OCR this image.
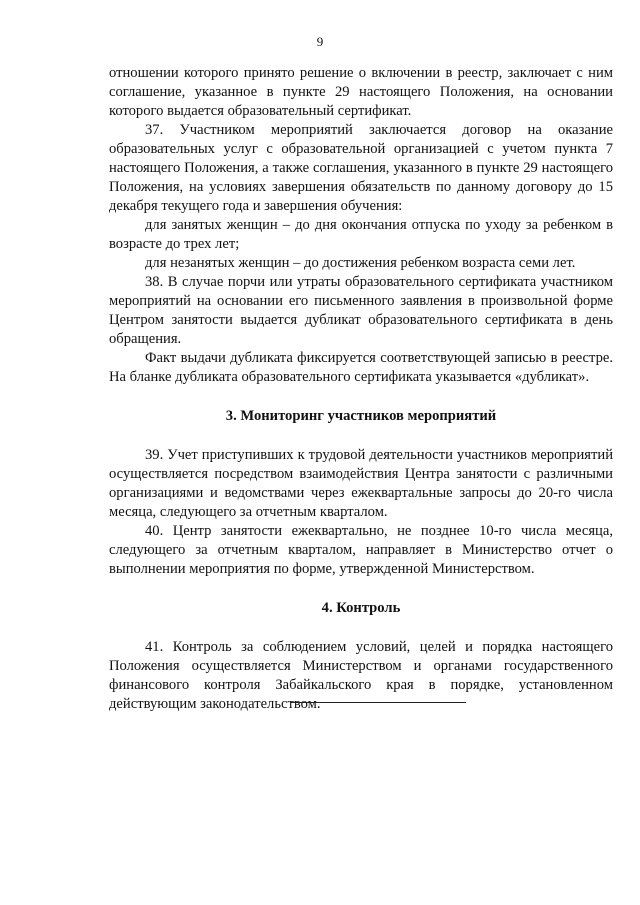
9

отношении которого принято решение о включении в реестр, заключает с ним соглашение, указанное в пункте 29 настоящего Положения, на основании которого выдается образовательный сертификат.

37. Участником мероприятий заключается договор на оказание образовательных услуг с образовательной организацией с учетом пункта 7 настоящего Положения, а также соглашения, указанного в пункте 29 настоящего Положения, на условиях завершения обязательств по данному договору до 15 декабря текущего года и завершения обучения:

для занятых женщин – до дня окончания отпуска по уходу за ребенком в возрасте до трех лет;

для незанятых женщин – до достижения ребенком возраста семи лет.

38. В случае порчи или утраты образовательного сертификата участником мероприятий на основании его письменного заявления в произвольной форме Центром занятости выдается дубликат образовательного сертификата в день обращения.

Факт выдачи дубликата фиксируется соответствующей записью в реестре. На бланке дубликата образовательного сертификата указывается «дубликат».

3. Мониторинг участников мероприятий

39. Учет приступивших к трудовой деятельности участников мероприятий осуществляется посредством взаимодействия Центра занятости с различными организациями и ведомствами через ежеквартальные запросы до 20-го числа месяца, следующего за отчетным кварталом.

40. Центр занятости ежеквартально, не позднее 10-го числа месяца, следующего за отчетным кварталом, направляет в Министерство отчет о выполнении мероприятия по форме, утвержденной Министерством.

4. Контроль

41. Контроль за соблюдением условий, целей и порядка настоящего Положения осуществляется Министерством и органами государственного финансового контроля Забайкальского края в порядке, установленном действующим законодательством.
